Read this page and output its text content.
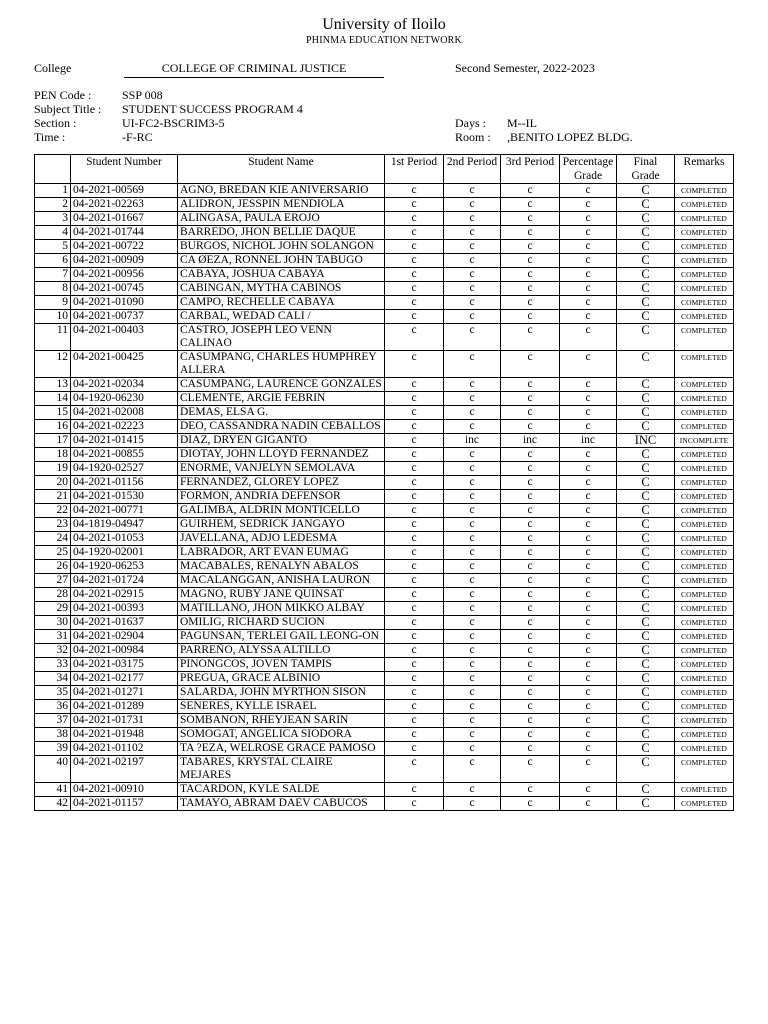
University of Iloilo
PHINMA EDUCATION NETWORK
College	COLLEGE OF CRIMINAL JUSTICE	Second Semester, 2022-2023
PEN Code :	SSP 008
Subject Title : STUDENT SUCCESS PROGRAM 4
Section :	UI-FC2-BSCRIM3-5	Days : M--IL
Time :	-F-RC	Room : ,BENITO LOPEZ BLDG.
	Student Number	Student Name	1st Period	2nd Period	3rd Period	Percentage Grade	Final Grade	Remarks
1	04-2021-00569	AGNO, BREDAN KIE ANIVERSARIO	c	c	c	c	C	COMPLETED
2	04-2021-02263	ALIDRON, JESSPIN MENDIOLA	c	c	c	c	C	COMPLETED
3	04-2021-01667	ALINGASA, PAULA EROJO	c	c	c	c	C	COMPLETED
4	04-2021-01744	BARREDO, JHON BELLIE DAQUE	c	c	c	c	C	COMPLETED
5	04-2021-00722	BURGOS, NICHOL JOHN SOLANGON	c	c	c	c	C	COMPLETED
6	04-2021-00909	CA ØEZA, RONNEL JOHN TABUGO	c	c	c	c	C	COMPLETED
7	04-2021-00956	CABAYA, JOSHUA CABAYA	c	c	c	c	C	COMPLETED
8	04-2021-00745	CABINGAN, MYTHA CABINOS	c	c	c	c	C	COMPLETED
9	04-2021-01090	CAMPO, RECHELLE CABAYA	c	c	c	c	C	COMPLETED
10	04-2021-00737	CARBAL, WEDAD CALI /	c	c	c	c	C	COMPLETED
11	04-2021-00403	CASTRO, JOSEPH LEO VENN CALINAO	c	c	c	c	C	COMPLETED
12	04-2021-00425	CASUMPANG, CHARLES HUMPHREY ALLERA	c	c	c	c	C	COMPLETED
13	04-2021-02034	CASUMPANG, LAURENCE GONZALES	c	c	c	c	C	COMPLETED
14	04-1920-06230	CLEMENTE, ARGIE FEBRIN	c	c	c	c	C	COMPLETED
15	04-2021-02008	DEMAS, ELSA G.	c	c	c	c	C	COMPLETED
16	04-2021-02223	DEO, CASSANDRA NADIN CEBALLOS	c	c	c	c	C	COMPLETED
17	04-2021-01415	DIAZ, DRYEN GIGANTO	c	inc	inc	inc	INC	INCOMPLETE
18	04-2021-00855	DIOTAY, JOHN LLOYD FERNANDEZ	c	c	c	c	C	COMPLETED
19	04-1920-02527	ENORME, VANJELYN SEMOLAVA	c	c	c	c	C	COMPLETED
20	04-2021-01156	FERNANDEZ, GLOREY LOPEZ	c	c	c	c	C	COMPLETED
21	04-2021-01530	FORMON, ANDRIA DEFENSOR	c	c	c	c	C	COMPLETED
22	04-2021-00771	GALIMBA, ALDRIN MONTICELLO	c	c	c	c	C	COMPLETED
23	04-1819-04947	GUIRHEM, SEDRICK JANGAYO	c	c	c	c	C	COMPLETED
24	04-2021-01053	JAVELLANA, ADJO LEDESMA	c	c	c	c	C	COMPLETED
25	04-1920-02001	LABRADOR, ART EVAN EUMAG	c	c	c	c	C	COMPLETED
26	04-1920-06253	MACABALES, RENALYN ABALOS	c	c	c	c	C	COMPLETED
27	04-2021-01724	MACALANGGAN, ANISHA LAURON	c	c	c	c	C	COMPLETED
28	04-2021-02915	MAGNO, RUBY JANE QUINSAT	c	c	c	c	C	COMPLETED
29	04-2021-00393	MATILLANO, JHON MIKKO ALBAY	c	c	c	c	C	COMPLETED
30	04-2021-01637	OMILIG, RICHARD SUCION	c	c	c	c	C	COMPLETED
31	04-2021-02904	PAGUNSAN, TERLEI GAIL LEONG-ON	c	c	c	c	C	COMPLETED
32	04-2021-00984	PARREÑO, ALYSSA ALTILLO	c	c	c	c	C	COMPLETED
33	04-2021-03175	PINONGCOS, JOVEN TAMPIS	c	c	c	c	C	COMPLETED
34	04-2021-02177	PREGUA, GRACE ALBINIO	c	c	c	c	C	COMPLETED
35	04-2021-01271	SALARDA, JOHN MYRTHON SISON	c	c	c	c	C	COMPLETED
36	04-2021-01289	SENERES, KYLLE ISRAEL	c	c	c	c	C	COMPLETED
37	04-2021-01731	SOMBANON, RHEYJEAN SARIN	c	c	c	c	C	COMPLETED
38	04-2021-01948	SOMOGAT, ANGELICA SIODORA	c	c	c	c	C	COMPLETED
39	04-2021-01102	TA ?EZA, WELROSE GRACE PAMOSO	c	c	c	c	C	COMPLETED
40	04-2021-02197	TABARES, KRYSTAL CLAIRE MEJARES	c	c	c	c	C	COMPLETED
41	04-2021-00910	TACARDON, KYLE SALDE	c	c	c	c	C	COMPLETED
42	04-2021-01157	TAMAYO, ABRAM DAEV CABUCOS	c	c	c	c	C	COMPLETED
